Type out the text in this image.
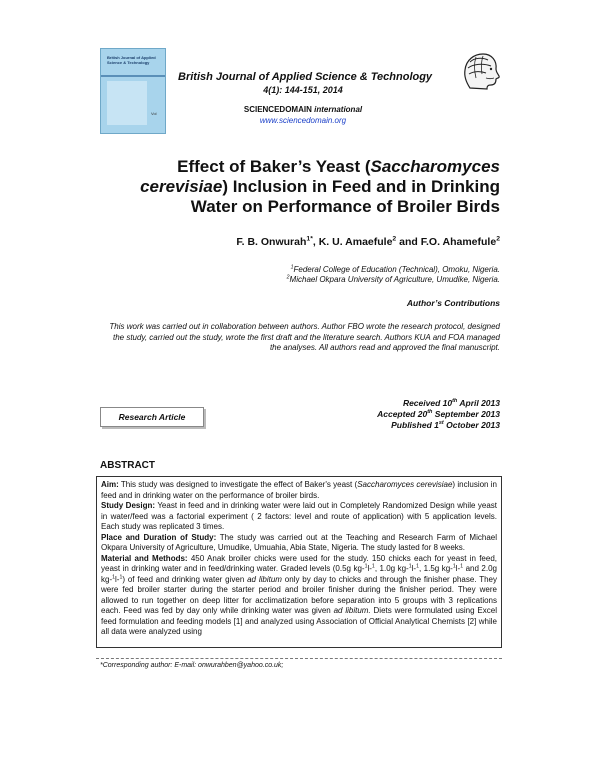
British Journal of Applied Science & Technology
Vol
British Journal of Applied Science & Technology
4(1): 144-151, 2014
SCIENCEDOMAIN international
www.sciencedomain.org
Effect of Baker’s Yeast (Saccharomyces cerevisiae) Inclusion in Feed and in Drinking Water on Performance of Broiler Birds
F. B. Onwurah$^{1*}$, K. U. Amaefule$^2$ and F.O. Ahamefule$^2$
$^1$Federal College of Education (Technical), Omoku, Nigeria.
$^2$Michael Okpara University of Agriculture, Umudike, Nigeria.
Author’s Contributions
This work was carried out in collaboration between authors. Author FBO wrote the research protocol, designed the study, carried out the study, wrote the first draft and the literature search. Authors KUA and FOA managed the analyses. All authors read and approved the final manuscript.
Research Article
Received 10th April 2013
Accepted 20th September 2013
Published 1st October 2013
ABSTRACT

Aim: This study was designed to investigate the effect of Baker's yeast (Saccharomyces cerevisiae) inclusion in feed and in drinking water on the performance of broiler birds.

Study Design: Yeast in feed and in drinking water were laid out in Completely Randomized Design while yeast in water/feed was a factorial experiment ( 2 factors: level and route of application) with 5 application levels. Each study was replicated 3 times.

Place and Duration of Study: The study was carried out at the Teaching and Research Farm of Michael Okpara University of Agriculture, Umudike, Umuahia, Abia State, Nigeria. The study lasted for 8 weeks.

Material and Methods: 450 Anak broiler chicks were used for the study. 150 chicks each for yeast in feed, yeast in drinking water and in feed/drinking water. Graded levels (0.5g kg-$^1$l-$^1$, 1.0g kg-$^1$l-$^1$, 1.5g kg-$^1$l-$^1$ and 2.0g kg-$^1$l-$^1$) of feed and drinking water given ad libitum only by day to chicks and through the finisher phase. They were fed broiler starter during the starter period and broiler finisher during the finisher period. They were allowed to run together on deep litter for acclimatization before separation into 5 groups with 3 replications each. Feed was fed by day only while drinking water was given ad libitum. Diets were formulated using Excel feed formulation and feeding models [1] and analyzed using Association of Official Analytical Chemists [2] while all data were analyzed using

*Corresponding author: E-mail: onwurahben@yahoo.co.uk;
